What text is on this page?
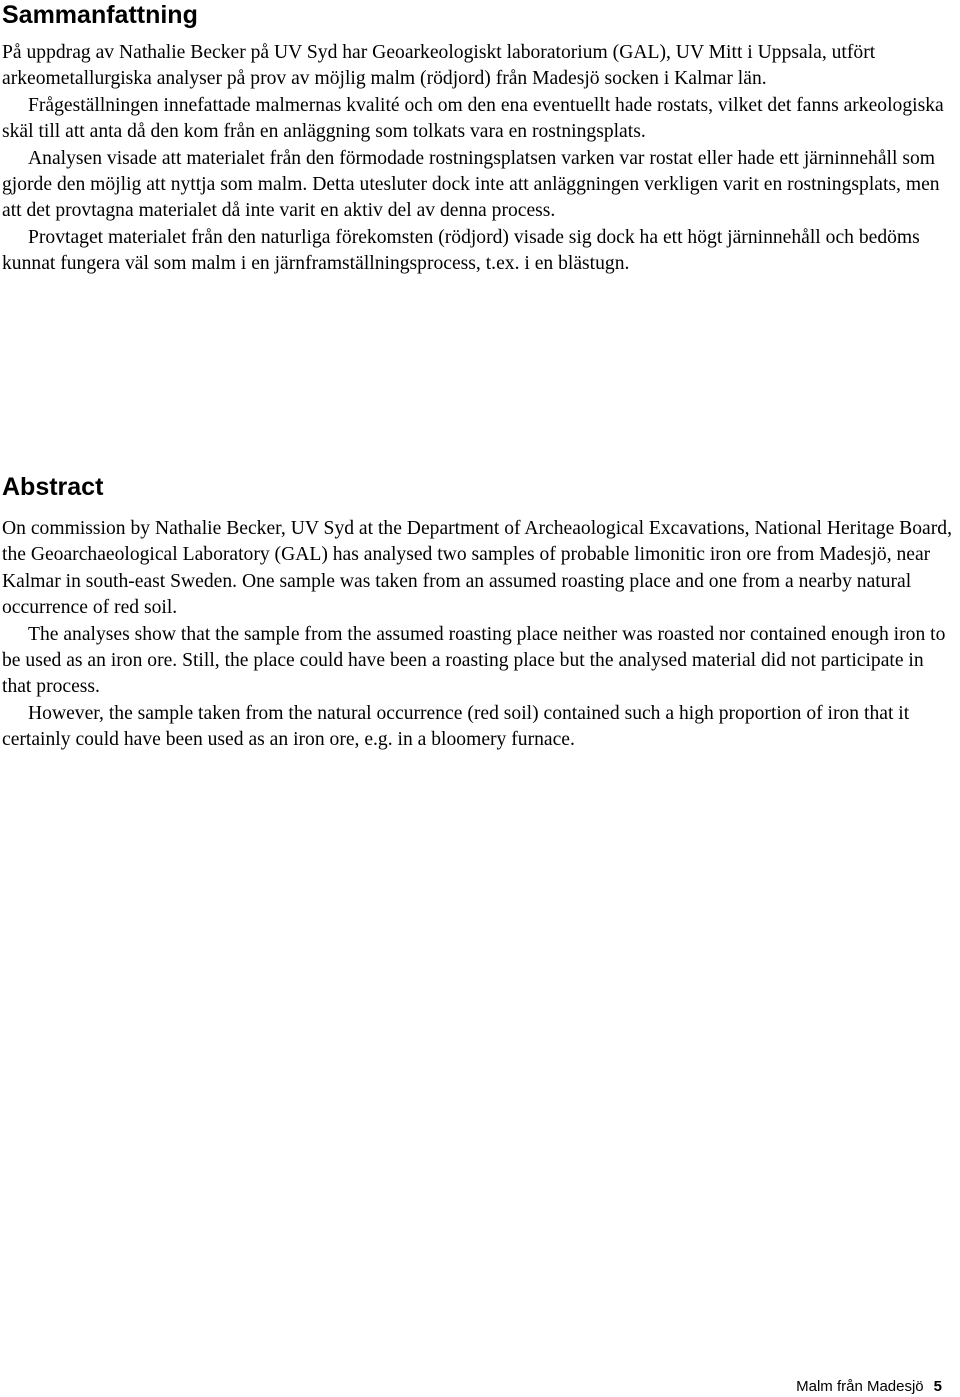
Sammanfattning

På uppdrag av Nathalie Becker på UV Syd har Geoarkeologiskt laboratorium (GAL), UV Mitt i Uppsala, utfört arkeometallurgiska analyser på prov av möjlig malm (rödjord) från Madesjö socken i Kalmar län.

Frågeställningen innefattade malmernas kvalité och om den ena eventuellt hade rostats, vilket det fanns arkeologiska skäl till att anta då den kom från en anläggning som tolkats vara en rostningsplats.

Analysen visade att materialet från den förmodade rostningsplatsen varken var rostat eller hade ett järninnehåll som gjorde den möjlig att nyttja som malm. Detta utesluter dock inte att anläggningen verkligen varit en rostningsplats, men att det provtagna materialet då inte varit en aktiv del av denna process.

Provtaget materialet från den naturliga förekomsten (rödjord) visade sig dock ha ett högt järninnehåll och bedöms kunnat fungera väl som malm i en järnframställningsprocess, t.ex. i en blästugn.

Abstract

On commission by Nathalie Becker, UV Syd at the Department of Archeaological Excavations, National Heritage Board, the Geoarchaeological Laboratory (GAL) has analysed two samples of probable limonitic iron ore from Madesjö, near Kalmar in south-east Sweden. One sample was taken from an assumed roasting place and one from a nearby natural occurrence of red soil.

The analyses show that the sample from the assumed roasting place neither was roasted nor contained enough iron to be used as an iron ore. Still, the place could have been a roasting place but the analysed material did not participate in that process.

However, the sample taken from the natural occurrence (red soil) contained such a high proportion of iron that it certainly could have been used as an iron ore, e.g. in a bloomery furnace.

Malm från Madesjö 5
